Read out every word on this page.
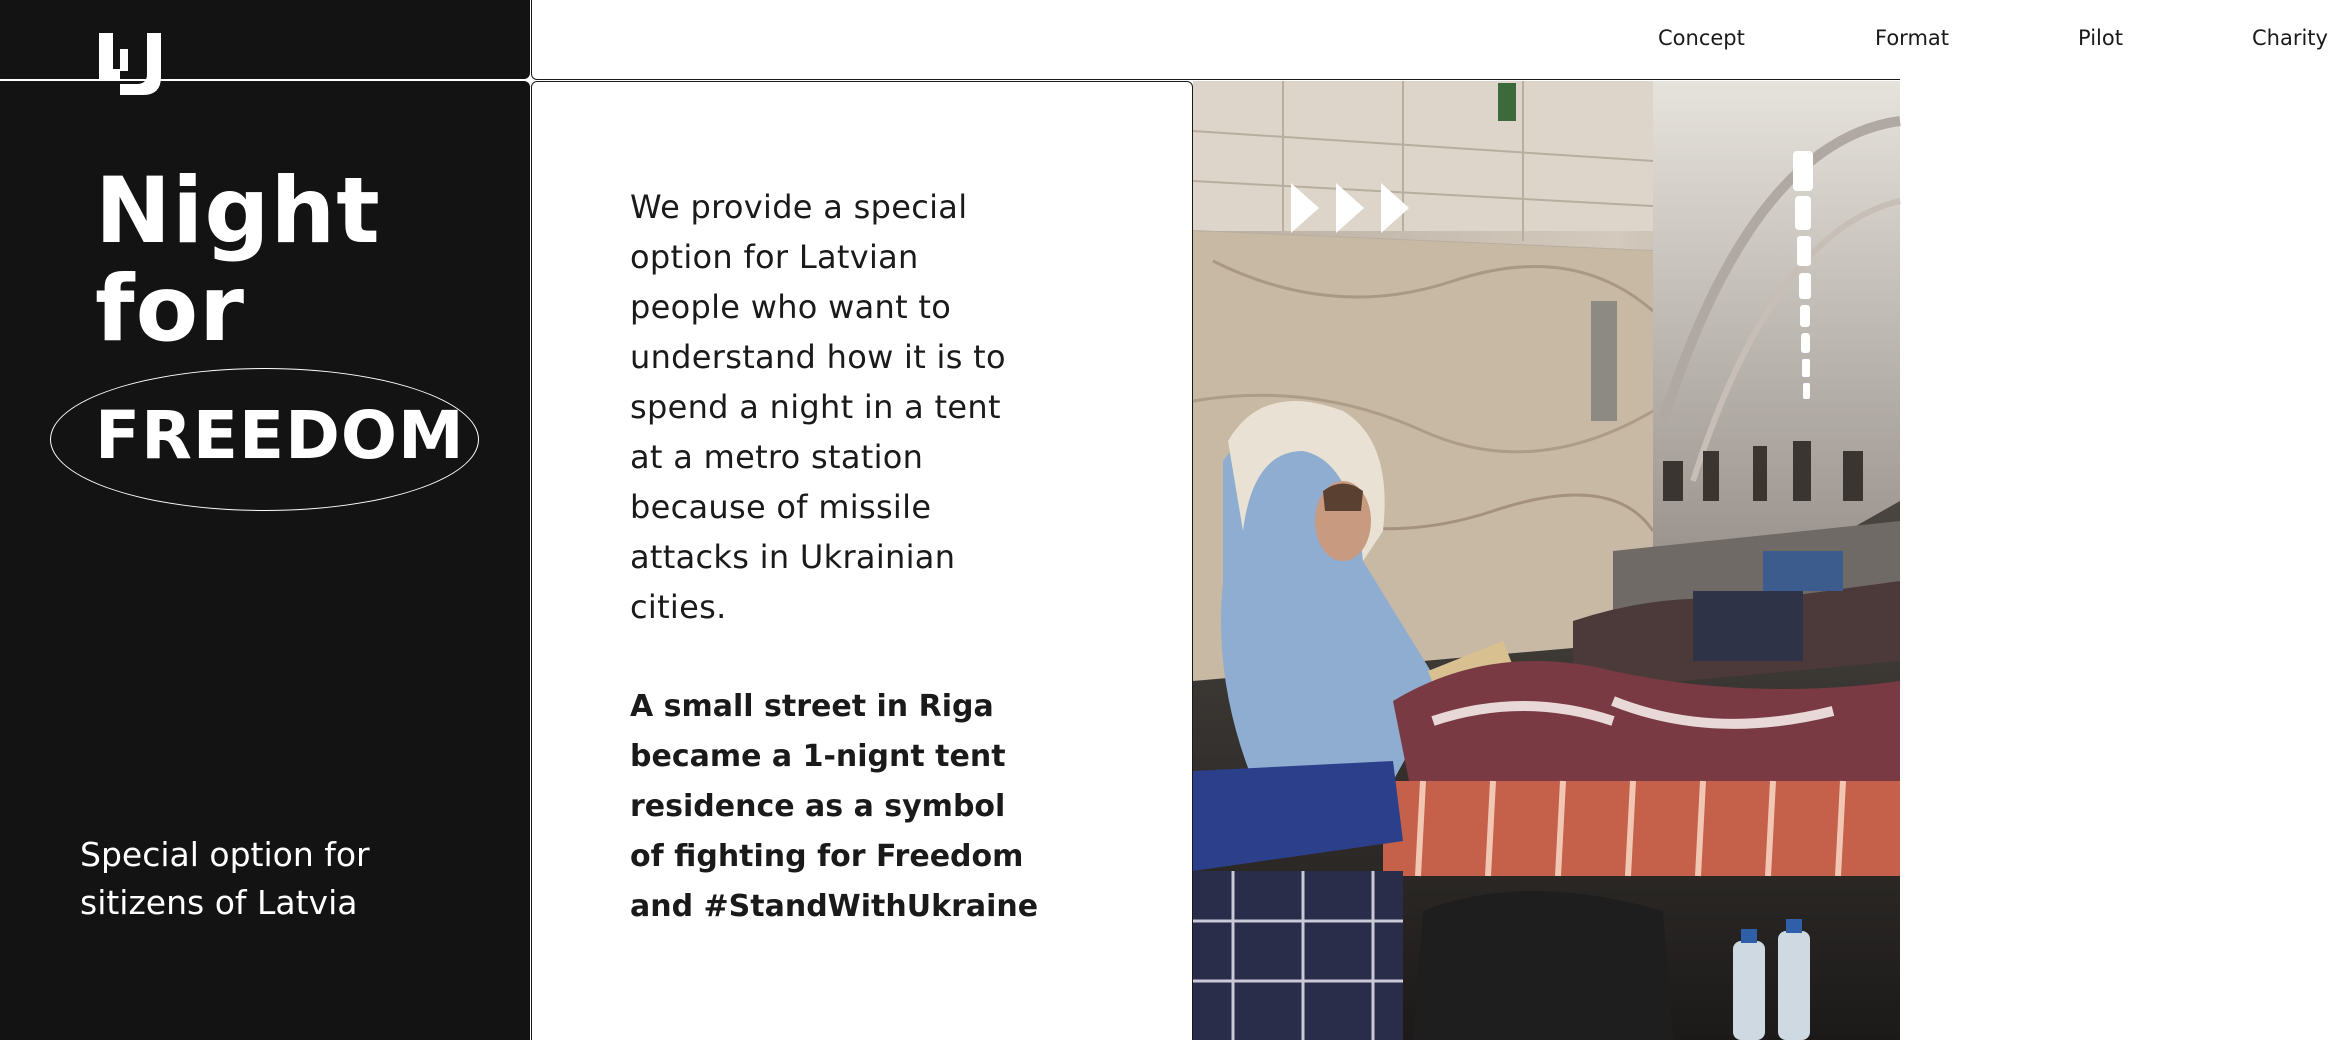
Night
for
FREEDOM

Special option for
sitizens of Latvia

Concept	Format	Pilot	Charity

We provide a special
option for Latvian
people who want to
understand how it is to
spend a night in a tent
at a metro station
because of missile
attacks in Ukrainian
cities.

A small street in Riga
became a 1-nignt tent
residence as a symbol
of fighting for Freedom
and #StandWithUkraine
